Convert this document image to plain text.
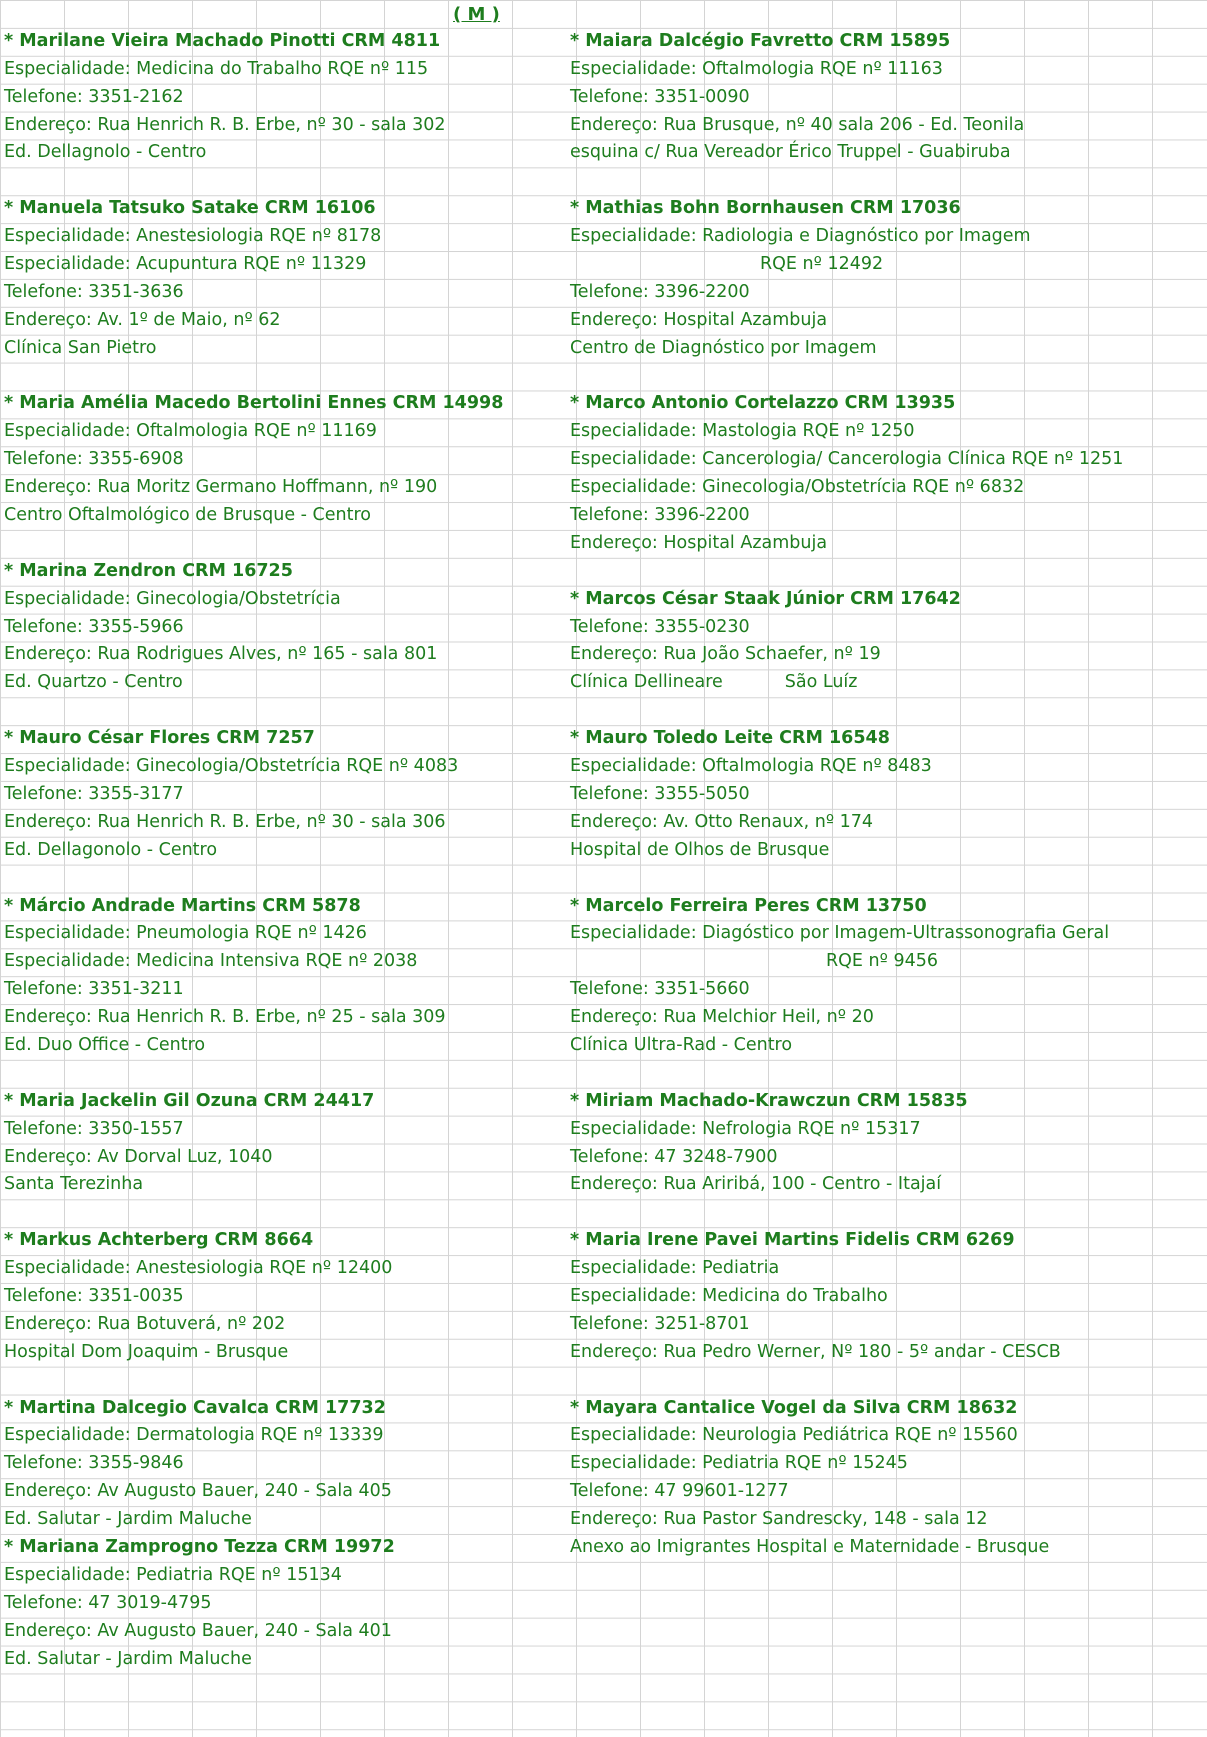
( M )
* Marilane Vieira Machado Pinotti CRM 4811
Especialidade: Medicina do Trabalho RQE nº 115
Telefone: 3351-2162
Endereço: Rua Henrich R. B. Erbe, nº 30 - sala 302
Ed. Dellagnolo - Centro
* Manuela Tatsuko Satake CRM 16106
Especialidade: Anestesiologia RQE nº 8178
Especialidade: Acupuntura RQE nº 11329
Telefone: 3351-3636
Endereço: Av. 1º de Maio, nº 62
Clínica San Pietro
* Maria Amélia Macedo Bertolini Ennes CRM 14998
Especialidade: Oftalmologia RQE nº 11169
Telefone: 3355-6908
Endereço: Rua Moritz Germano Hoffmann, nº 190
Centro Oftalmológico de Brusque - Centro
* Marina Zendron CRM 16725
Especialidade: Ginecologia/Obstetrícia
Telefone: 3355-5966
Endereço: Rua Rodrigues Alves, nº 165 - sala 801
Ed. Quartzo - Centro
* Mauro César Flores CRM 7257
Especialidade: Ginecologia/Obstetrícia RQE nº 4083
Telefone: 3355-3177
Endereço: Rua Henrich R. B. Erbe, nº 30 - sala 306
Ed. Dellagonolo - Centro
* Márcio Andrade Martins CRM 5878
Especialidade: Pneumologia RQE nº 1426
Especialidade: Medicina Intensiva RQE nº 2038
Telefone: 3351-3211
Endereço: Rua Henrich R. B. Erbe, nº 25 - sala 309
Ed. Duo Office - Centro
* Maria Jackelin Gil Ozuna CRM 24417
Telefone: 3350-1557
Endereço: Av Dorval Luz, 1040
Santa Terezinha
* Markus Achterberg CRM 8664
Especialidade: Anestesiologia RQE nº 12400
Telefone: 3351-0035
Endereço: Rua Botuverá, nº 202
Hospital Dom Joaquim - Brusque
* Martina Dalcegio Cavalca CRM 17732
Especialidade: Dermatologia RQE nº 13339
Telefone: 3355-9846
Endereço: Av Augusto Bauer, 240 - Sala 405
Ed. Salutar - Jardim Maluche
* Mariana Zamprogno Tezza CRM 19972
Especialidade: Pediatria RQE nº 15134
Telefone: 47 3019-4795
Endereço: Av Augusto Bauer, 240 - Sala 401
Ed. Salutar - Jardim Maluche
* Maiara Dalcégio Favretto CRM 15895
Especialidade: Oftalmologia RQE nº 11163
Telefone: 3351-0090
Endereço: Rua Brusque, nº 40 sala 206 - Ed. Teonila
esquina c/ Rua Vereador Érico Truppel - Guabiruba
* Mathias Bohn Bornhausen CRM 17036
Especialidade: Radiologia e Diagnóstico por Imagem
RQE nº 12492
Telefone: 3396-2200
Endereço: Hospital Azambuja
Centro de Diagnóstico por Imagem
* Marco Antonio Cortelazzo CRM 13935
Especialidade: Mastologia RQE nº 1250
Especialidade: Cancerologia/ Cancerologia Clínica RQE nº 1251
Especialidade: Ginecologia/Obstetrícia RQE nº 6832
Telefone: 3396-2200
Endereço: Hospital Azambuja
* Marcos César Staak Júnior CRM 17642
Telefone: 3355-0230
Endereço: Rua João Schaefer, nº 19
Clínica Dellineare	São Luíz
* Mauro Toledo Leite CRM 16548
Especialidade: Oftalmologia RQE nº 8483
Telefone: 3355-5050
Endereço: Av. Otto Renaux, nº 174
Hospital de Olhos de Brusque
* Marcelo Ferreira Peres CRM 13750
Especialidade: Diagóstico por Imagem-Ultrassonografia Geral
RQE nº 9456
Telefone: 3351-5660
Endereço: Rua Melchior Heil, nº 20
Clínica Ultra-Rad - Centro
* Miriam Machado-Krawczun CRM 15835
Especialidade: Nefrologia RQE nº 15317
Telefone: 47 3248-7900
Endereço: Rua Ariribá, 100 - Centro - Itajaí
* Maria Irene Pavei Martins Fidelis CRM 6269
Especialidade: Pediatria
Especialidade: Medicina do Trabalho
Telefone: 3251-8701
Endereço: Rua Pedro Werner, Nº 180 - 5º andar - CESCB
* Mayara Cantalice Vogel da Silva CRM 18632
Especialidade: Neurologia Pediátrica RQE nº 15560
Especialidade: Pediatria RQE nº 15245
Telefone: 47 99601-1277
Endereço: Rua Pastor Sandrescky, 148 - sala 12
Anexo ao Imigrantes Hospital e Maternidade - Brusque
